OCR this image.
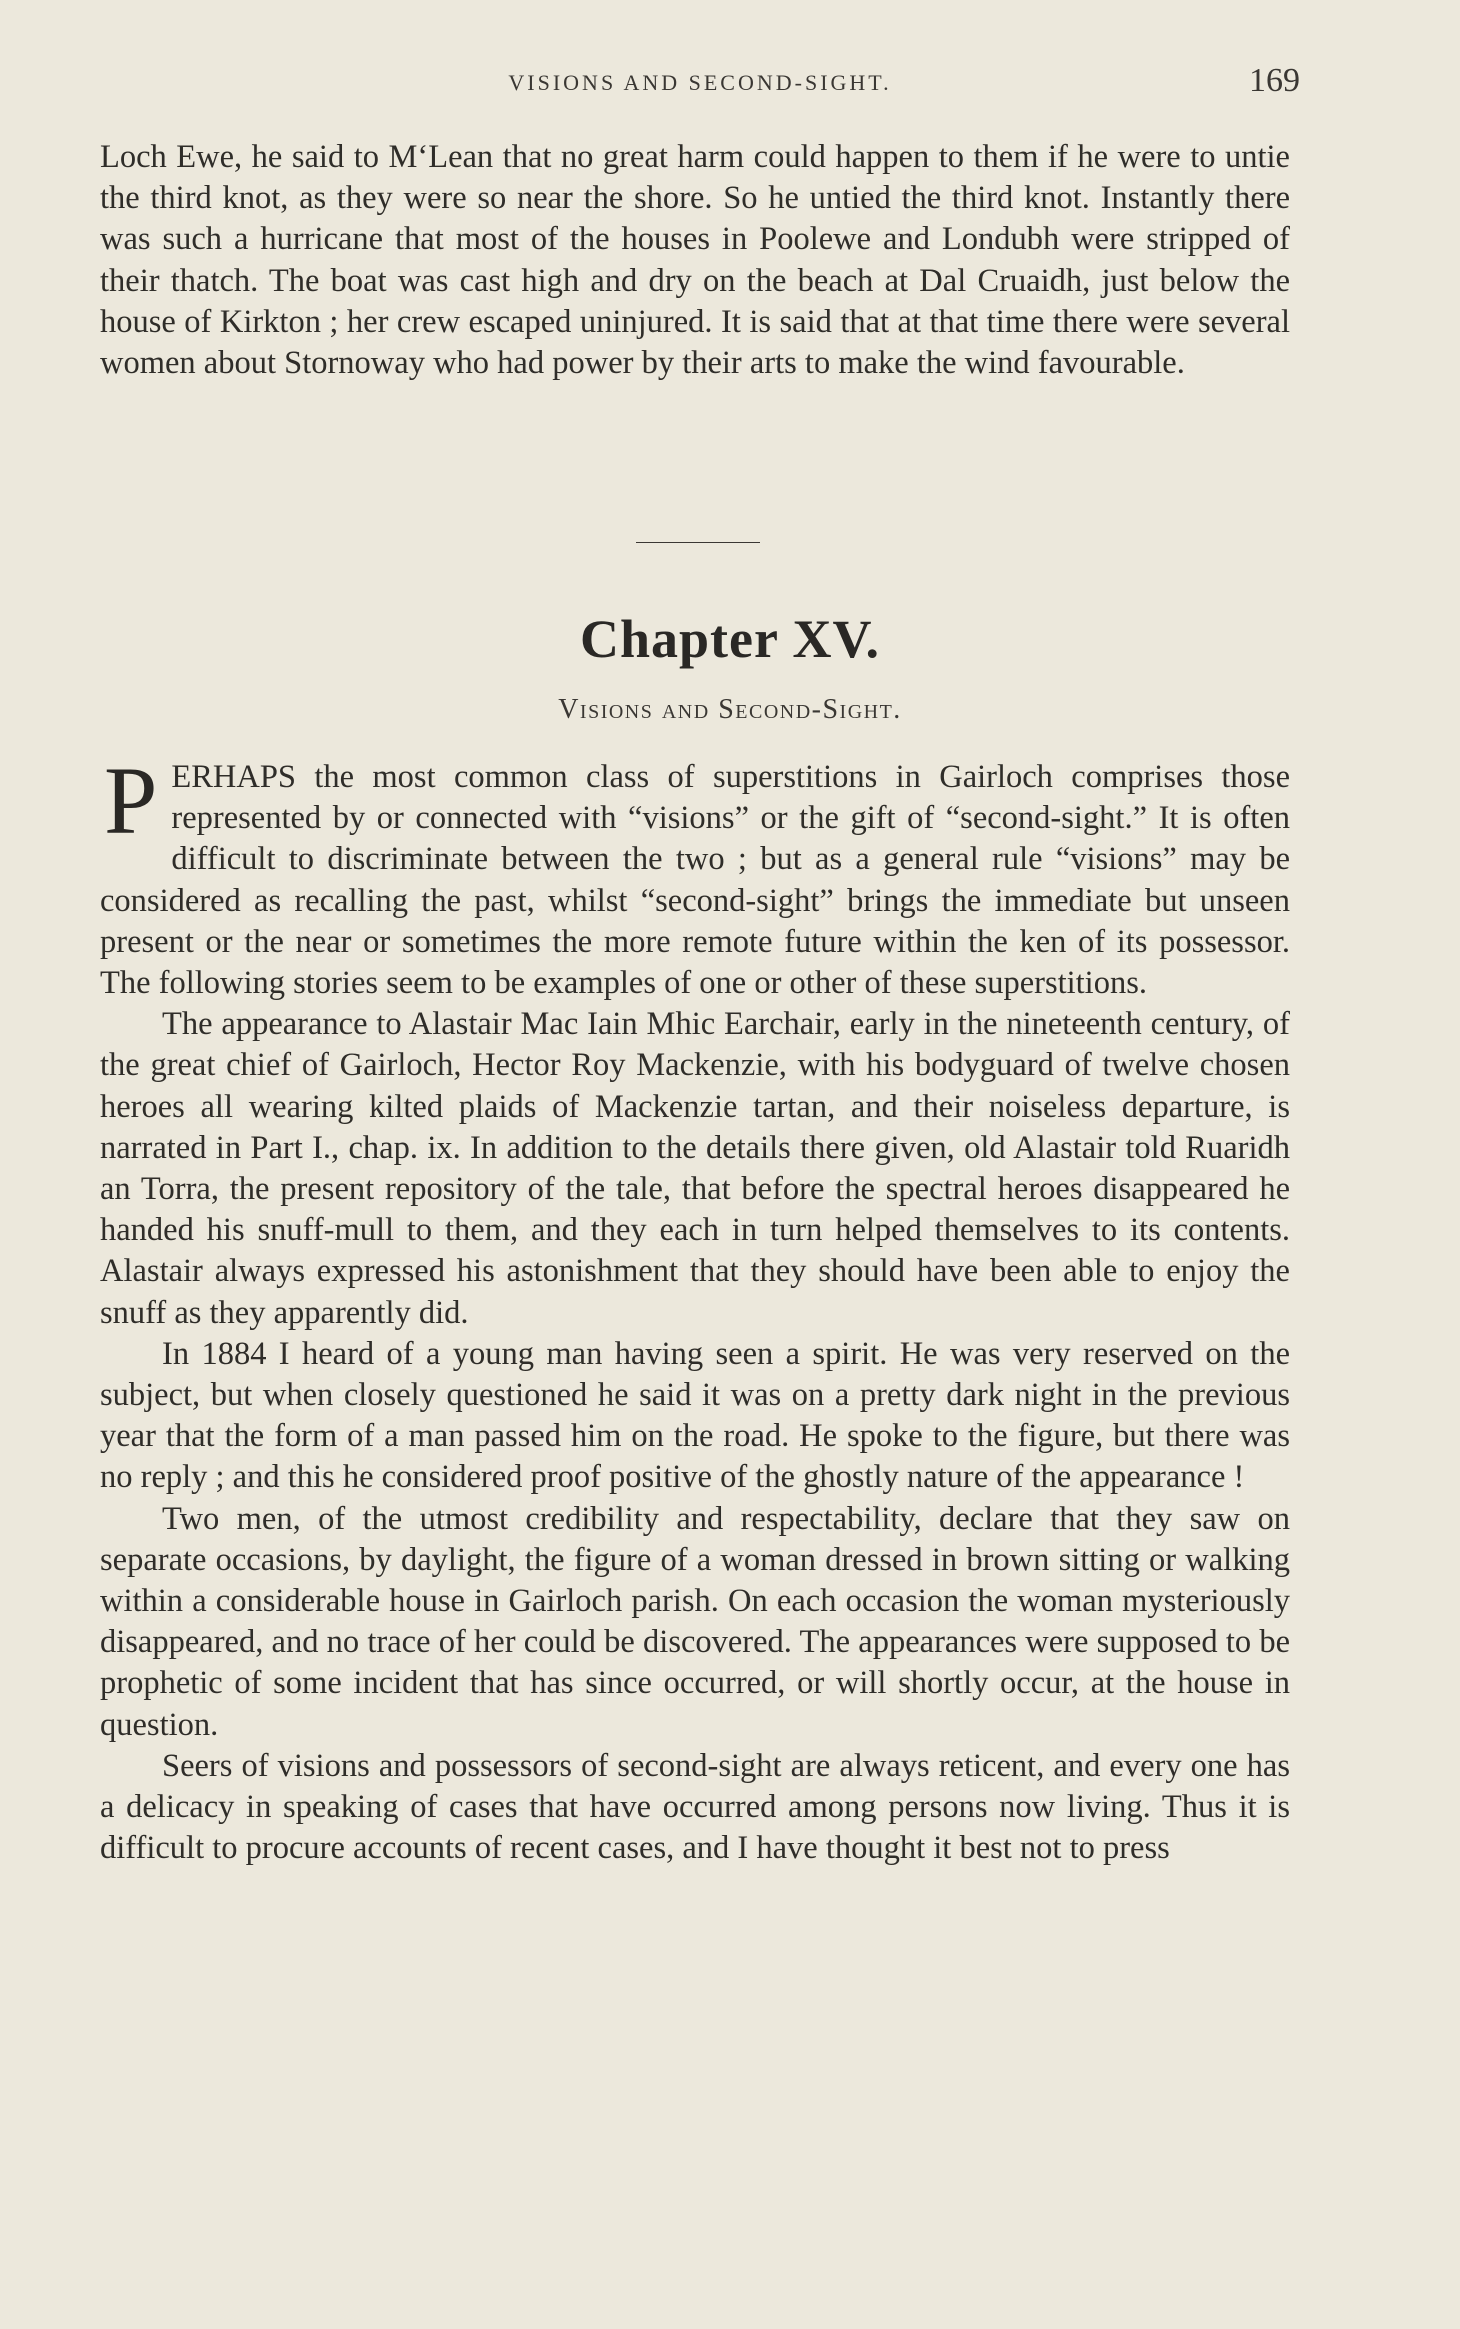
VISIONS AND SECOND-SIGHT.	169

Loch Ewe, he said to M‘Lean that no great harm could happen to them if he were to untie the third knot, as they were so near the shore. So he untied the third knot. Instantly there was such a hurricane that most of the houses in Poolewe and Londubh were stripped of their thatch. The boat was cast high and dry on the beach at Dal Cruaidh, just below the house of Kirkton ; her crew escaped uninjured. It is said that at that time there were several women about Stornoway who had power by their arts to make the wind favourable.

Chapter XV.
Visions and Second-Sight.

PERHAPS the most common class of superstitions in Gairloch comprises those represented by or connected with “visions” or the gift of “second-sight.” It is often difficult to discriminate between the two ; but as a general rule “visions” may be considered as recalling the past, whilst “second-sight” brings the immediate but unseen present or the near or sometimes the more remote future within the ken of its possessor. The following stories seem to be examples of one or other of these superstitions.

The appearance to Alastair Mac Iain Mhic Earchair, early in the nineteenth century, of the great chief of Gairloch, Hector Roy Mackenzie, with his bodyguard of twelve chosen heroes all wearing kilted plaids of Mackenzie tartan, and their noiseless departure, is narrated in Part I., chap. ix. In addition to the details there given, old Alastair told Ruaridh an Torra, the present repository of the tale, that before the spectral heroes disappeared he handed his snuff-mull to them, and they each in turn helped themselves to its contents. Alastair always expressed his astonishment that they should have been able to enjoy the snuff as they apparently did.

In 1884 I heard of a young man having seen a spirit. He was very reserved on the subject, but when closely questioned he said it was on a pretty dark night in the previous year that the form of a man passed him on the road. He spoke to the figure, but there was no reply ; and this he considered proof positive of the ghostly nature of the appearance !

Two men, of the utmost credibility and respectability, declare that they saw on separate occasions, by daylight, the figure of a woman dressed in brown sitting or walking within a considerable house in Gairloch parish. On each occasion the woman mysteriously disappeared, and no trace of her could be discovered. The appearances were supposed to be prophetic of some incident that has since occurred, or will shortly occur, at the house in question.

Seers of visions and possessors of second-sight are always reticent, and every one has a delicacy in speaking of cases that have occurred among persons now living. Thus it is difficult to procure accounts of recent cases, and I have thought it best not to press
